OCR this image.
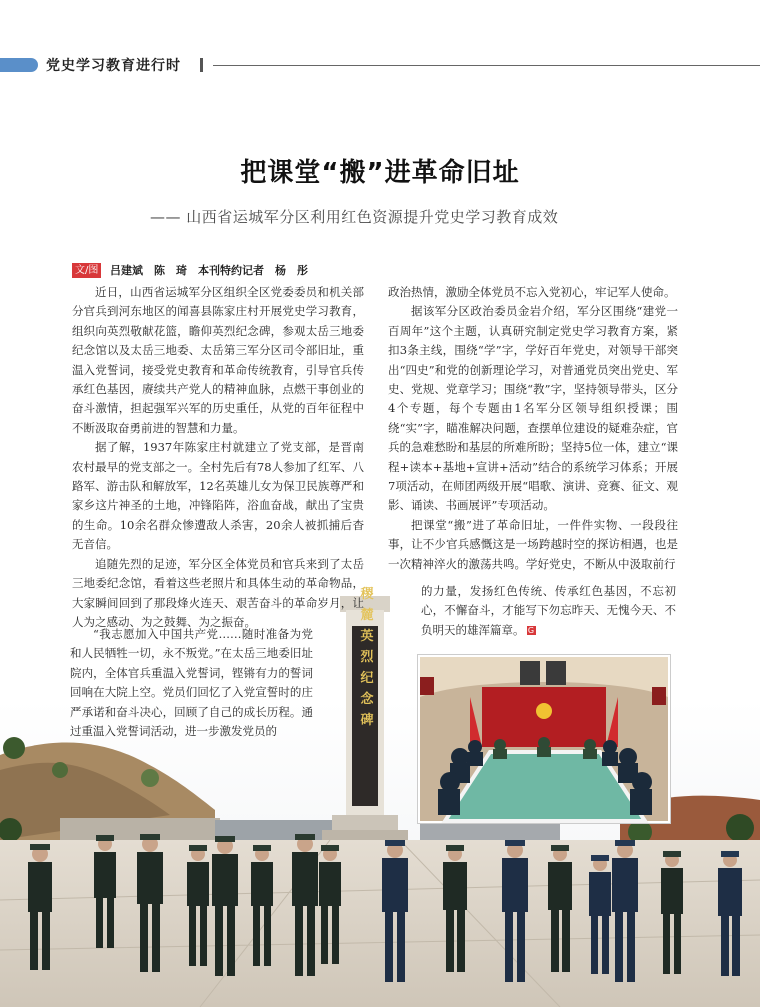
党史学习教育进行时
把课堂“搬”进革命旧址
—— 山西省运城军分区利用红色资源提升党史学习教育成效
文/图 吕建斌　陈　琦　本刊特约记者　杨　彤
稷麓英烈纪念碑

近日，山西省运城军分区组织全区党委委员和机关部分官兵到河东地区的闻喜县陈家庄村开展党史学习教育，组织向英烈敬献花篮，瞻仰英烈纪念碑，参观太岳三地委纪念馆以及太岳三地委、太岳第三军分区司令部旧址，重温入党誓词，接受党史教育和革命传统教育，引导官兵传承红色基因，赓续共产党人的精神血脉，点燃干事创业的奋斗激情，担起强军兴军的历史重任，从党的百年征程中不断汲取奋勇前进的智慧和力量。

据了解，1937年陈家庄村就建立了党支部，是晋南农村最早的党支部之一。全村先后有78人参加了红军、八路军、游击队和解放军，12名英雄儿女为保卫民族尊严和家乡这片神圣的土地，冲锋陷阵，浴血奋战，献出了宝贵的生命。10余名群众惨遭敌人杀害，20余人被抓捕后杳无音信。

追随先烈的足迹，军分区全体党员和官兵来到了太岳三地委纪念馆，看着这些老照片和具体生动的革命物品，大家瞬间回到了那段烽火连天、艰苦奋斗的革命岁月，让人为之感动、为之鼓舞、为之振奋。

“我志愿加入中国共产党……随时准备为党和人民牺牲一切，永不叛党。”在太岳三地委旧址院内，全体官兵重温入党誓词，铿锵有力的誓词回响在大院上空。党员们回忆了入党宣誓时的庄严承诺和奋斗决心，回顾了自己的成长历程。通过重温入党誓词活动，进一步激发党员的

政治热情，激励全体党员不忘入党初心，牢记军人使命。

据该军分区政治委员金岩介绍，军分区围绕“建党一百周年”这个主题，认真研究制定党史学习教育方案，紧扣3条主线，围绕“学”字，学好百年党史，对领导干部突出“四史”和党的创新理论学习，对普通党员突出党史、军史、党规、党章学习；围绕“教”字，坚持领导带头，区分4个专题，每个专题由1名军分区领导组织授课；围绕“实”字，瞄准解决问题，查摆单位建设的疑难杂症，官兵的急难愁盼和基层的所难所盼；坚持5位一体，建立“课程+读本+基地+宣讲+活动”结合的系统学习体系；开展7项活动，在师团两级开展“唱歌、演讲、竞赛、征文、观影、诵读、书画展评”专项活动。

把课堂“搬”进了革命旧址，一件件实物、一段段往事，让不少官兵感慨这是一场跨越时空的探访相遇，也是一次精神淬火的激荡共鸣。学好党史，不断从中汲取前行

的力量，发扬红色传统、传承红色基因，不忘初心，不懈奋斗，才能写下勿忘昨天、无愧今天、不负明天的雄浑篇章。 G
